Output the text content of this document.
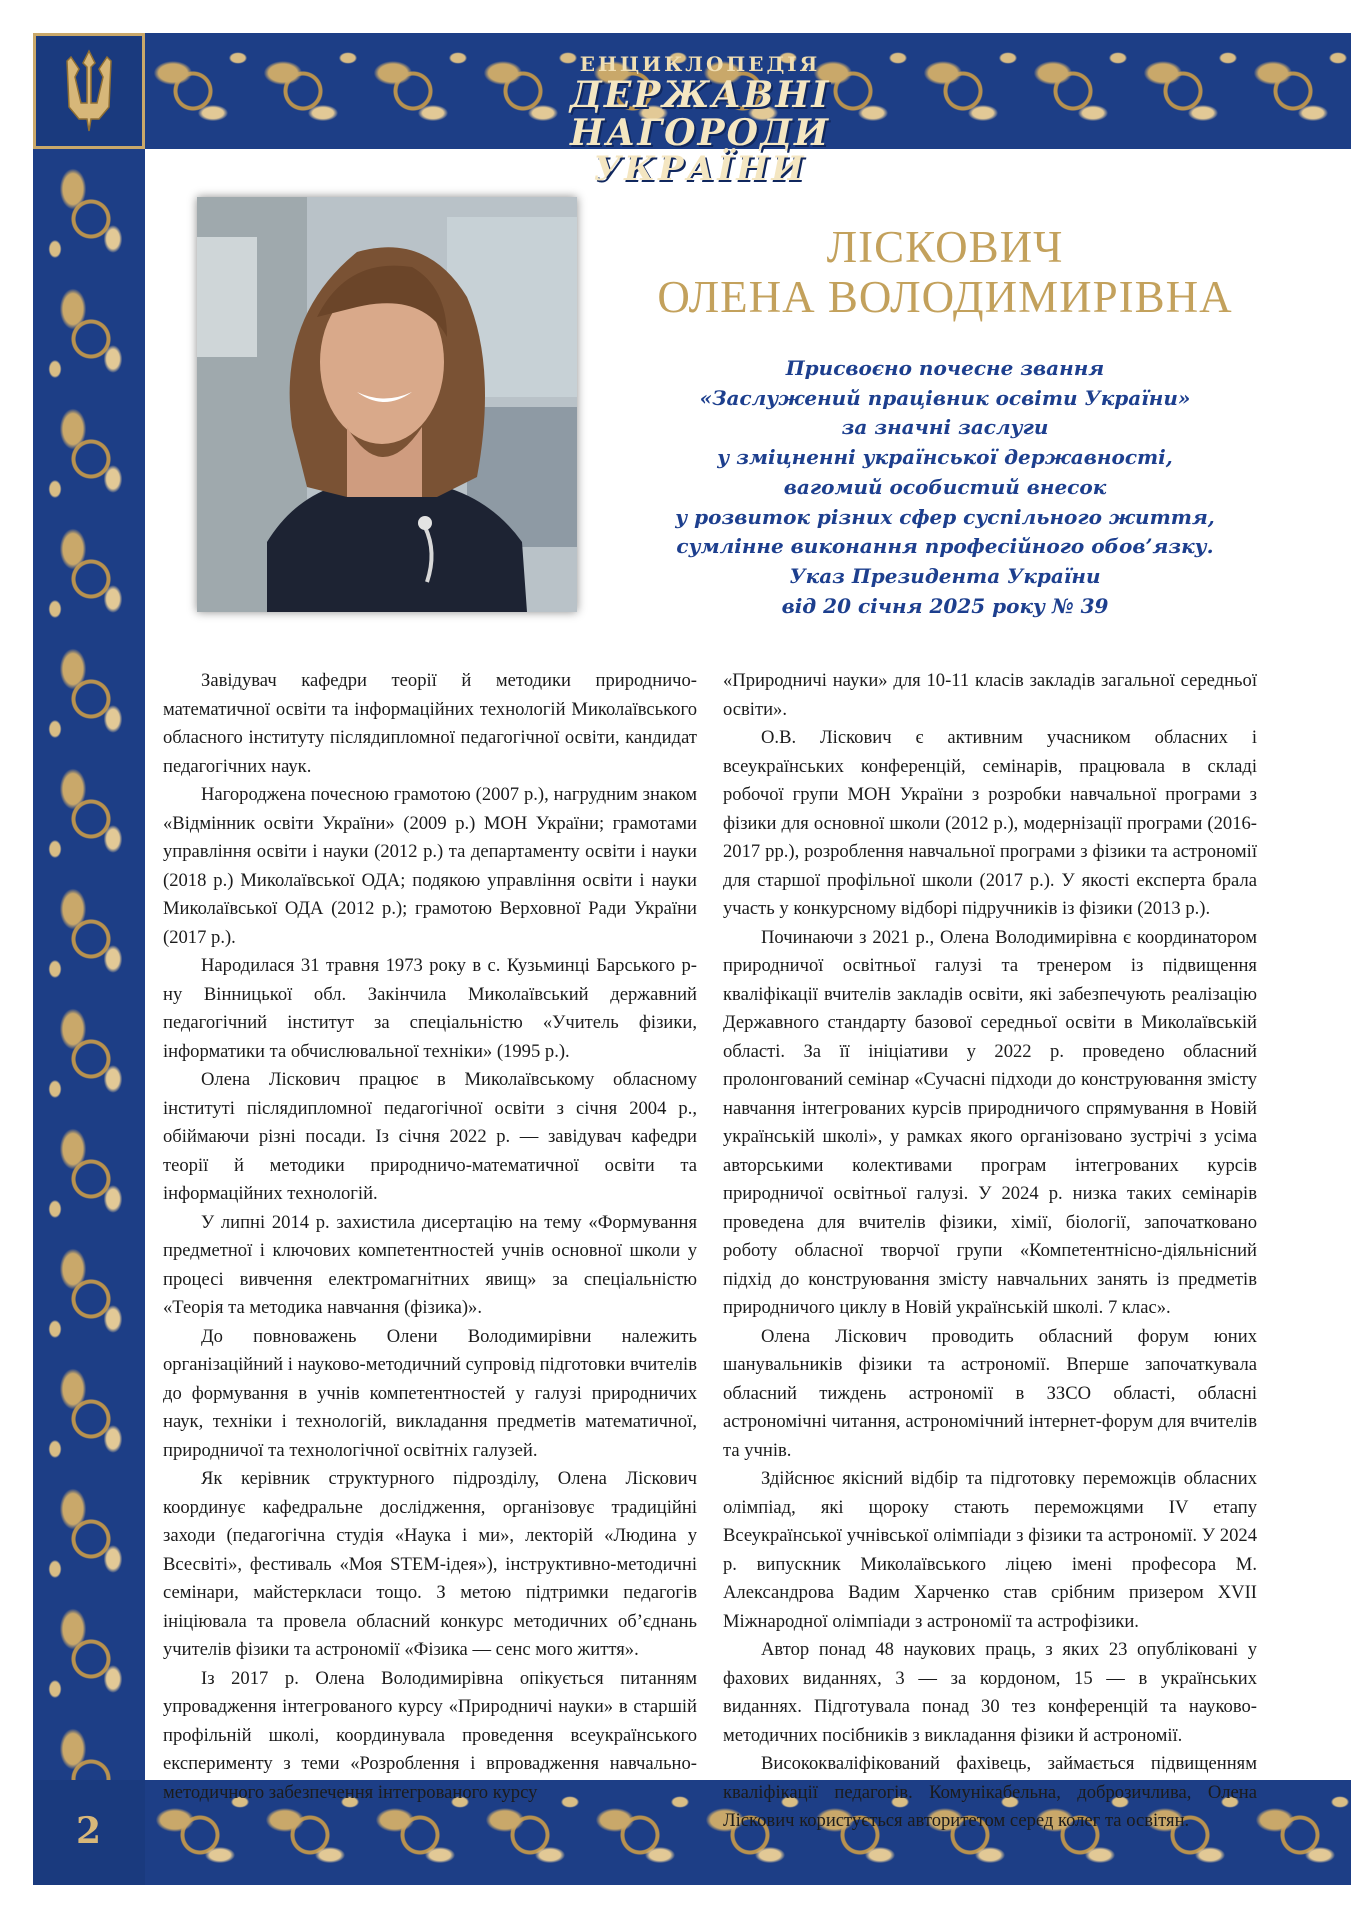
ЕНЦИКЛОПЕДІЯ
ДЕРЖАВНІ НАГОРОДИ
УКРАЇНИ
2
ЛІСКОВИЧ
ОЛЕНА ВОЛОДИМИРІВНА
Присвоєно почесне звання
«Заслужений працівник освіти України»
за значні заслуги
у зміцненні української державності,
вагомий особистий внесок
у розвиток різних сфер суспільного життя,
сумлінне виконання професійного обов’язку.
Указ Президента України
від 20 січня 2025 року № 39

Завідувач кафедри теорії й методики природничо-математичної освіти та інформаційних технологій Миколаївського обласного інституту післядипломної педагогічної освіти, кандидат педагогічних наук.

Нагороджена почесною грамотою (2007 р.), нагрудним знаком «Відмінник освіти України» (2009 р.) МОН України; грамотами управління освіти і науки (2012 р.) та департаменту освіти і науки (2018 р.) Миколаївської ОДА; подякою управління освіти і науки Миколаївської ОДА (2012 р.); грамотою Верховної Ради України (2017 р.).

Народилася 31 травня 1973 року в с. Кузьминці Барського р-ну Вінницької обл. Закінчила Миколаївський державний педагогічний інститут за спеціальністю «Учитель фізики, інформатики та обчислювальної техніки» (1995 р.).

Олена Ліскович працює в Миколаївському обласному інституті післядипломної педагогічної освіти з січня 2004 р., обіймаючи різні посади. Із січня 2022 р. — завідувач кафедри теорії й методики природничо-математичної освіти та інформаційних технологій.

У липні 2014 р. захистила дисертацію на тему «Формування предметної і ключових компетентностей учнів основної школи у процесі вивчення електромагнітних явищ» за спеціальністю «Теорія та методика навчання (фізика)».

До повноважень Олени Володимирівни належить організаційний і науково-методичний супровід підготовки вчителів до формування в учнів компетентностей у галузі природничих наук, техніки і технологій, викладання предметів математичної, природничої та технологічної освітніх галузей.

Як керівник структурного підрозділу, Олена Ліскович координує кафедральне дослідження, організовує традиційні заходи (педагогічна студія «Наука і ми», лекторій «Людина у Всесвіті», фестиваль «Моя STEM-ідея»), інструктивно-методичні семінари, майстеркласи тощо. З метою підтримки педагогів ініціювала та провела обласний конкурс методичних об’єднань учителів фізики та астрономії «Фізика — сенс мого життя».

Із 2017 р. Олена Володимирівна опікується питанням упровадження інтегрованого курсу «Природничі науки» в старшій профільній школі, координувала проведення всеукраїнського експерименту з теми «Розроблення і впровадження навчально-методичного забезпечення інтегрованого курсу

«Природничі науки» для 10-11 класів закладів загальної середньої освіти».

О.В. Ліскович є активним учасником обласних і всеукраїнських конференцій, семінарів, працювала в складі робочої групи МОН України з розробки навчальної програми з фізики для основної школи (2012 р.), модернізації програми (2016-2017 рр.), розроблення навчальної програми з фізики та астрономії для старшої профільної школи (2017 р.). У якості експерта брала участь у конкурсному відборі підручників із фізики (2013 р.).

Починаючи з 2021 р., Олена Володимирівна є координатором природничої освітньої галузі та тренером із підвищення кваліфікації вчителів закладів освіти, які забезпечують реалізацію Державного стандарту базової середньої освіти в Миколаївській області. За її ініціативи у 2022 р. проведено обласний пролонгований семінар «Сучасні підходи до конструювання змісту навчання інтегрованих курсів природничого спрямування в Новій українській школі», у рамках якого організовано зустрічі з усіма авторськими колективами програм інтегрованих курсів природничої освітньої галузі. У 2024 р. низка таких семінарів проведена для вчителів фізики, хімії, біології, започатковано роботу обласної творчої групи «Компетентнісно-діяльнісний підхід до конструювання змісту навчальних занять із предметів природничого циклу в Новій українській школі. 7 клас».

Олена Ліскович проводить обласний форум юних шанувальників фізики та астрономії. Вперше започаткувала обласний тиждень астрономії в ЗЗСО області, обласні астрономічні читання, астрономічний інтернет-форум для вчителів та учнів.

Здійснює якісний відбір та підготовку переможців обласних олімпіад, які щороку стають переможцями IV етапу Всеукраїнської учнівської олімпіади з фізики та астрономії. У 2024 р. випускник Миколаївського ліцею імені професора М. Александрова Вадим Харченко став срібним призером XVII Міжнародної олімпіади з астрономії та астрофізики.

Автор понад 48 наукових праць, з яких 23 опубліковані у фахових виданнях, 3 — за кордоном, 15 — в українських виданнях. Підготувала понад 30 тез конференцій та науково-методичних посібників з викладання фізики й астрономії.

Висококваліфікований фахівець, займається підвищенням кваліфікації педагогів. Комунікабельна, доброзичлива, Олена Ліскович користується авторитетом серед колег та освітян.
